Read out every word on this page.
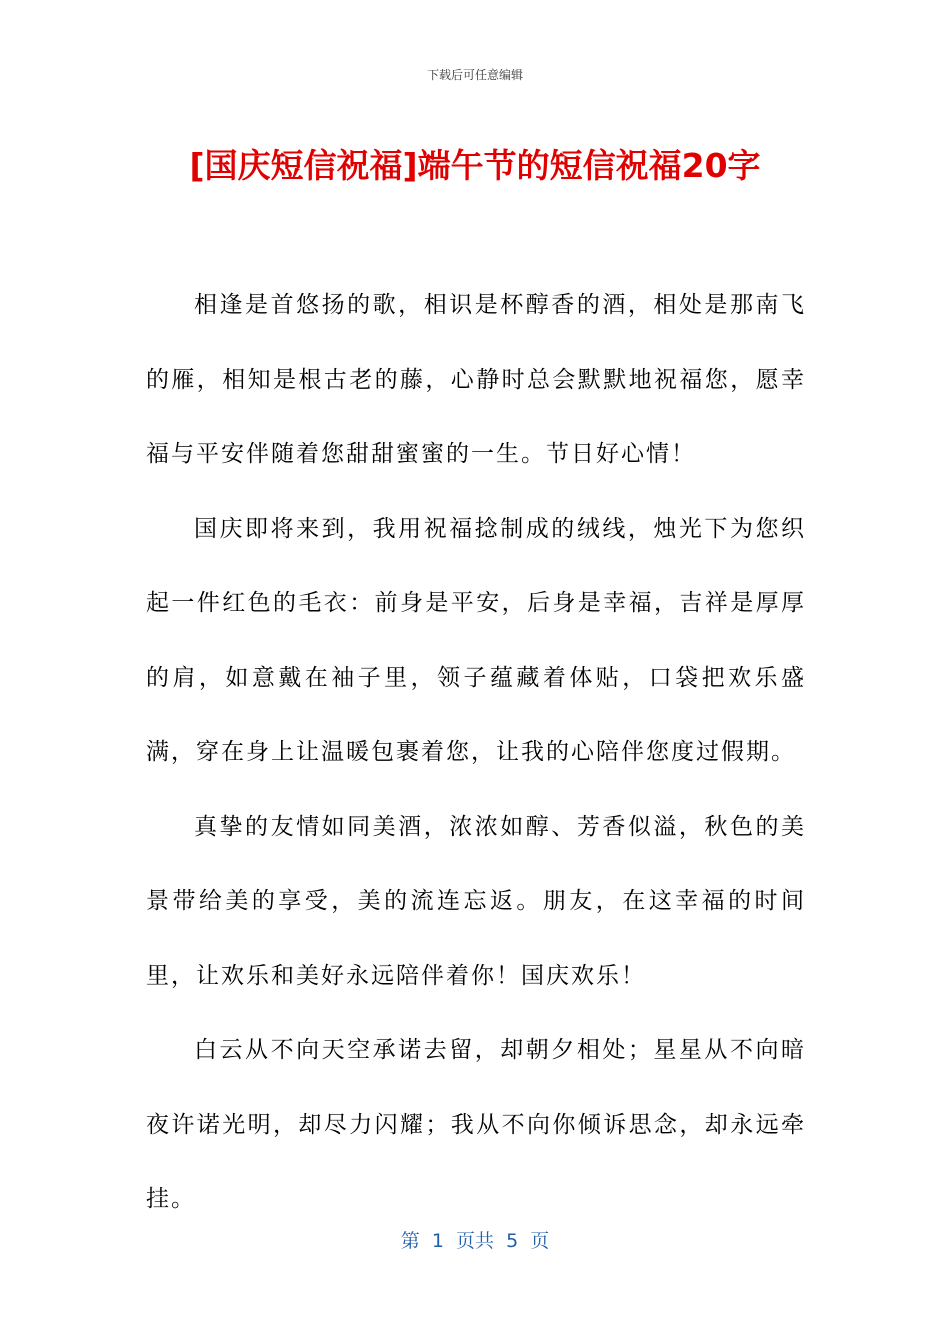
下载后可任意编辑
[国庆短信祝福]端午节的短信祝福20字

相逢是首悠扬的歌，相识是杯醇香的酒，相处是那南飞的雁，相知是根古老的藤，心静时总会默默地祝福您，愿幸福与平安伴随着您甜甜蜜蜜的一生。节日好心情！

国庆即将来到，我用祝福捻制成的绒线，烛光下为您织起一件红色的毛衣：前身是平安，后身是幸福，吉祥是厚厚的肩，如意戴在袖子里，领子蕴藏着体贴，口袋把欢乐盛满，穿在身上让温暖包裹着您，让我的心陪伴您度过假期。

真挚的友情如同美酒，浓浓如醇、芳香似溢，秋色的美景带给美的享受，美的流连忘返。朋友，在这幸福的时间里，让欢乐和美好永远陪伴着你！国庆欢乐！

白云从不向天空承诺去留，却朝夕相处；星星从不向暗夜许诺光明，却尽力闪耀；我从不向你倾诉思念，却永远牵挂。

第  1  页共  5  页
